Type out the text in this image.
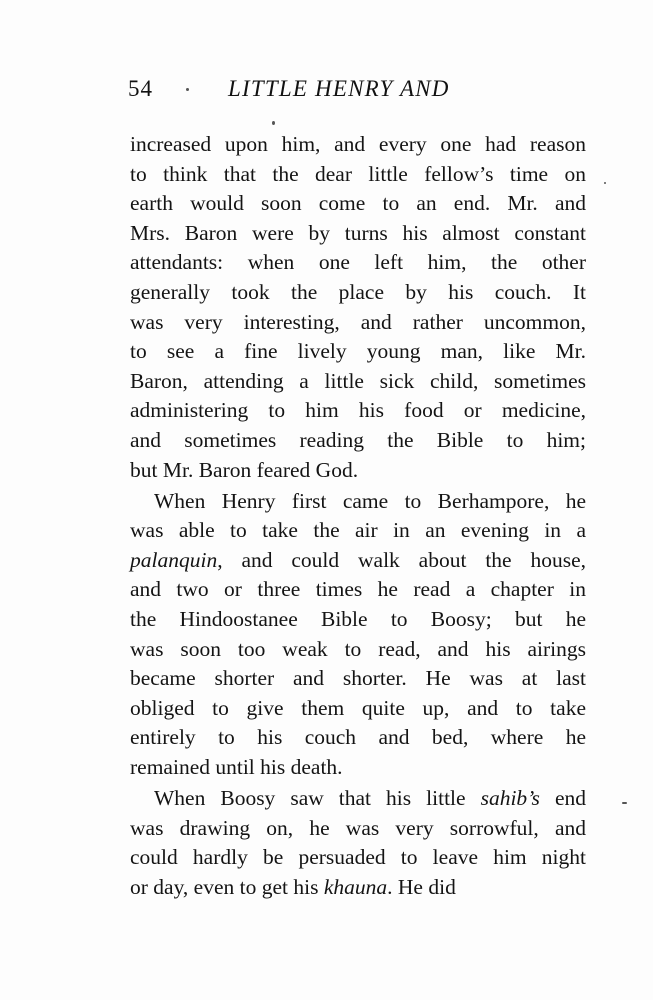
54	LITTLE HENRY AND
increased upon him, and every one had reason
to think that the dear little fellow’s time on
earth would soon come to an end. Mr. and
Mrs. Baron were by turns his almost constant
attendants: when one left him, the other
generally took the place by his couch. It
was very interesting, and rather uncommon,
to see a fine lively young man, like Mr.
Baron, attending a little sick child, sometimes
administering to him his food or medicine,
and sometimes reading the Bible to him;
but Mr. Baron feared God.
When Henry first came to Berhampore, he
was able to take the air in an evening in a
palanquin, and could walk about the house,
and two or three times he read a chapter in
the Hindoostanee Bible to Boosy; but he
was soon too weak to read, and his airings
became shorter and shorter. He was at last
obliged to give them quite up, and to take
entirely to his couch and bed, where he
remained until his death.
When Boosy saw that his little sahib’s end
was drawing on, he was very sorrowful, and
could hardly be persuaded to leave him night
or day, even to get his khauna. He did
